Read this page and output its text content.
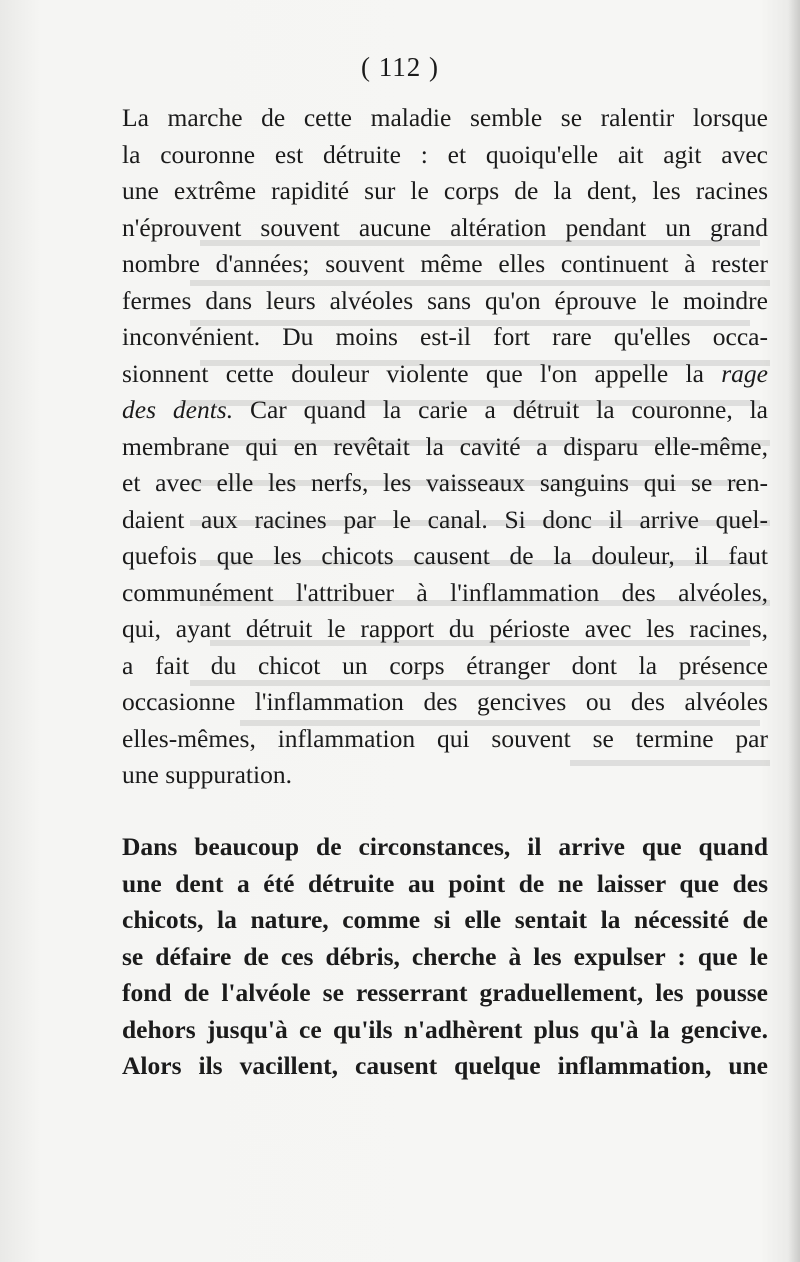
( 112 )
La marche de cette maladie semble se ralentir lorsque
la couronne est détruite : et quoiqu'elle ait agit avec
une extrême rapidité sur le corps de la dent, les racines
n'éprouvent souvent aucune altération pendant un grand
nombre d'années; souvent même elles continuent à rester
fermes dans leurs alvéoles sans qu'on éprouve le moindre
inconvénient. Du moins est-il fort rare qu'elles occa-
sionnent cette douleur violente que l'on appelle la rage
des dents. Car quand la carie a détruit la couronne, la
membrane qui en revêtait la cavité a disparu elle-même,
et avec elle les nerfs, les vaisseaux sanguins qui se ren-
daient aux racines par le canal. Si donc il arrive quel-
quefois que les chicots causent de la douleur, il faut
communément l'attribuer à l'inflammation des alvéoles,
qui, ayant détruit le rapport du périoste avec les racines,
a fait du chicot un corps étranger dont la présence
occasionne l'inflammation des gencives ou des alvéoles
elles-mêmes, inflammation qui souvent se termine par
une suppuration.
Dans beaucoup de circonstances, il arrive que quand
une dent a été détruite au point de ne laisser que des
chicots, la nature, comme si elle sentait la nécessité de
se défaire de ces débris, cherche à les expulser : que le
fond de l'alvéole se resserrant graduellement, les pousse
dehors jusqu'à ce qu'ils n'adhèrent plus qu'à la gencive.
Alors ils vacillent, causent quelque inflammation, une
